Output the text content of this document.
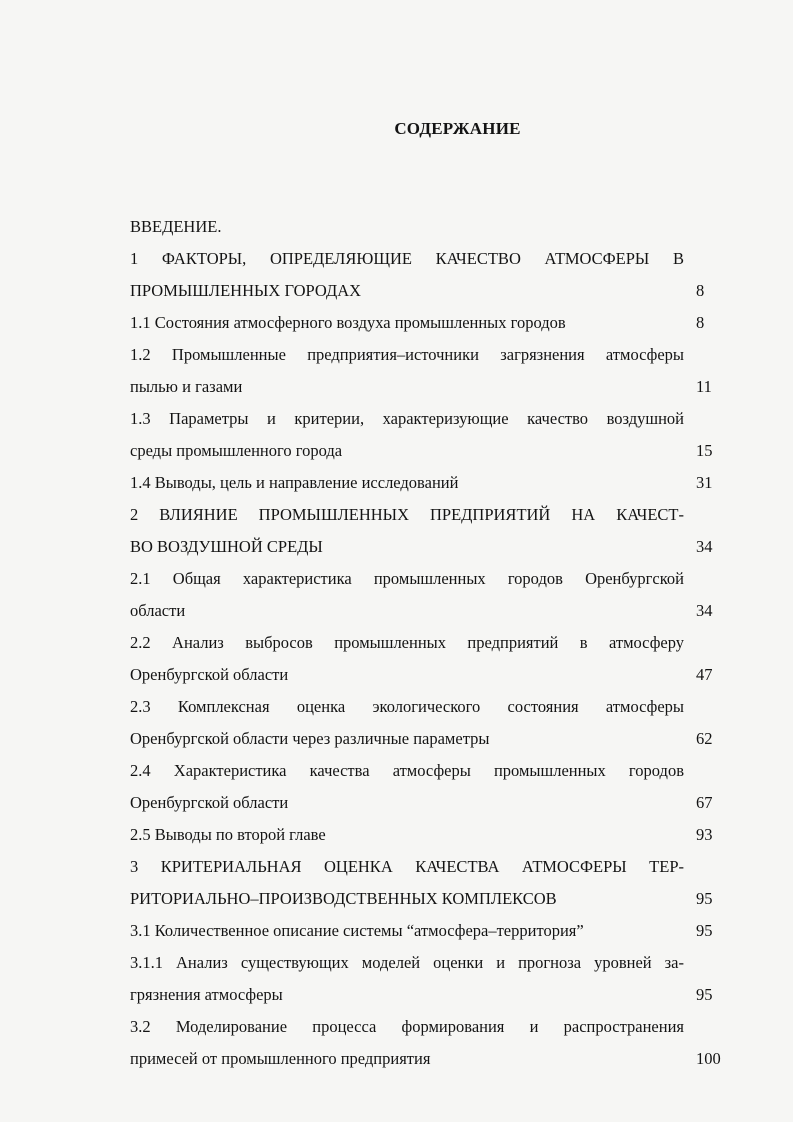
СОДЕРЖАНИЕ
ВВЕДЕНИЕ.
1 ФАКТОРЫ, ОПРЕДЕЛЯЮЩИЕ КАЧЕСТВО АТМОСФЕРЫ В
ПРОМЫШЛЕННЫХ ГОРОДАХ	8
1.1 Состояния атмосферного воздуха промышленных городов	8
1.2 Промышленные предприятия–источники загрязнения атмосферы
пылью и газами	11
1.3 Параметры и критерии, характеризующие качество воздушной
среды промышленного города	15
1.4 Выводы, цель и направление исследований	31
2 ВЛИЯНИЕ ПРОМЫШЛЕННЫХ ПРЕДПРИЯТИЙ НА КАЧЕСТ-
ВО ВОЗДУШНОЙ СРЕДЫ	34
2.1 Общая характеристика промышленных городов Оренбургской
области	34
2.2 Анализ выбросов промышленных предприятий в атмосферу
Оренбургской области	47
2.3 Комплексная оценка экологического состояния атмосферы
Оренбургской области через различные параметры	62
2.4 Характеристика качества атмосферы промышленных городов
Оренбургской области	67
2.5 Выводы по второй главе	93
3 КРИТЕРИАЛЬНАЯ ОЦЕНКА КАЧЕСТВА АТМОСФЕРЫ ТЕР-
РИТОРИАЛЬНО–ПРОИЗВОДСТВЕННЫХ КОМПЛЕКСОВ	95
3.1 Количественное описание системы “атмосфера–территория”	95
3.1.1 Анализ существующих моделей оценки и прогноза уровней за-
грязнения атмосферы	95
3.2 Моделирование процесса формирования и распространения
примесей от промышленного предприятия	100
